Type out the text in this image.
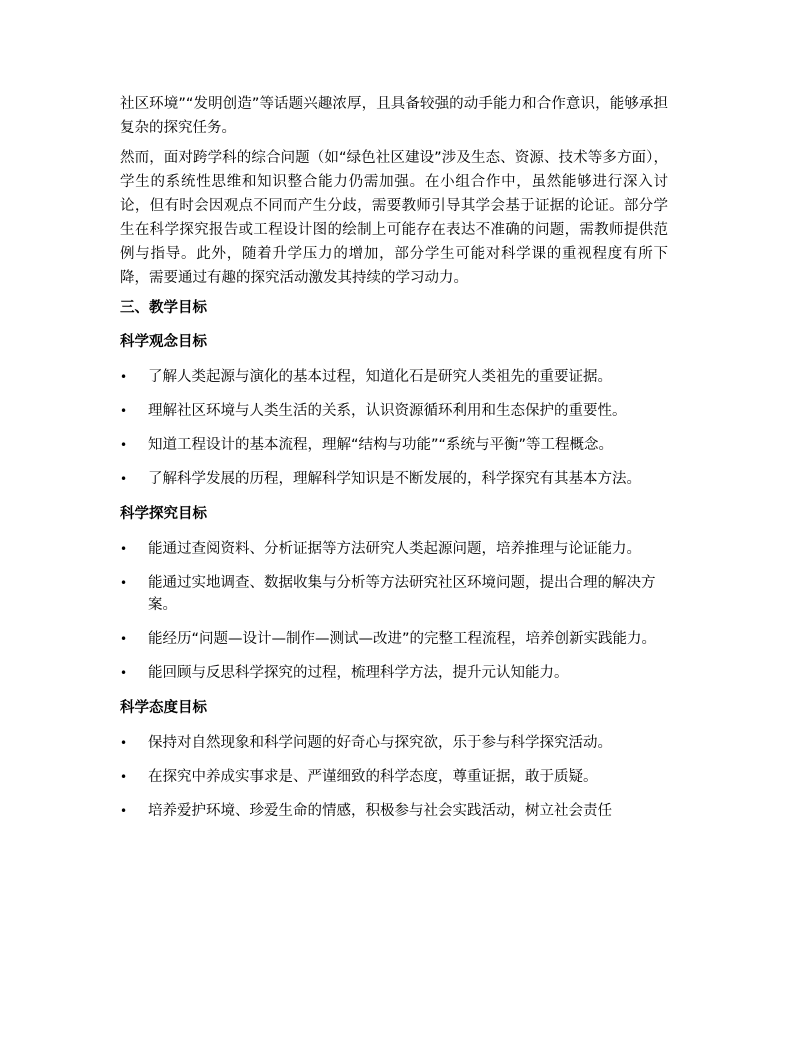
社区环境”“发明创造”等话题兴趣浓厚，且具备较强的动手能力和合作意识，能够承担复杂的探究任务。

然而，面对跨学科的综合问题（如“绿色社区建设”涉及生态、资源、技术等多方面），学生的系统性思维和知识整合能力仍需加强。在小组合作中，虽然能够进行深入讨论，但有时会因观点不同而产生分歧，需要教师引导其学会基于证据的论证。部分学生在科学探究报告或工程设计图的绘制上可能存在表达不准确的问题，需教师提供范例与指导。此外，随着升学压力的增加，部分学生可能对科学课的重视程度有所下降，需要通过有趣的探究活动激发其持续的学习动力。

三、教学目标
科学观念目标
• 了解人类起源与演化的基本过程，知道化石是研究人类祖先的重要证据。
• 理解社区环境与人类生活的关系，认识资源循环利用和生态保护的重要性。
• 知道工程设计的基本流程，理解“结构与功能”“系统与平衡”等工程概念。
• 了解科学发展的历程，理解科学知识是不断发展的，科学探究有其基本方法。
科学探究目标
• 能通过查阅资料、分析证据等方法研究人类起源问题，培养推理与论证能力。
• 能通过实地调查、数据收集与分析等方法研究社区环境问题，提出合理的解决方案。
• 能经历“问题—设计—制作—测试—改进”的完整工程流程，培养创新实践能力。
• 能回顾与反思科学探究的过程，梳理科学方法，提升元认知能力。
科学态度目标
• 保持对自然现象和科学问题的好奇心与探究欲，乐于参与科学探究活动。
• 在探究中养成实事求是、严谨细致的科学态度，尊重证据，敢于质疑。
• 培养爱护环境、珍爱生命的情感，积极参与社会实践活动，树立社会责任
